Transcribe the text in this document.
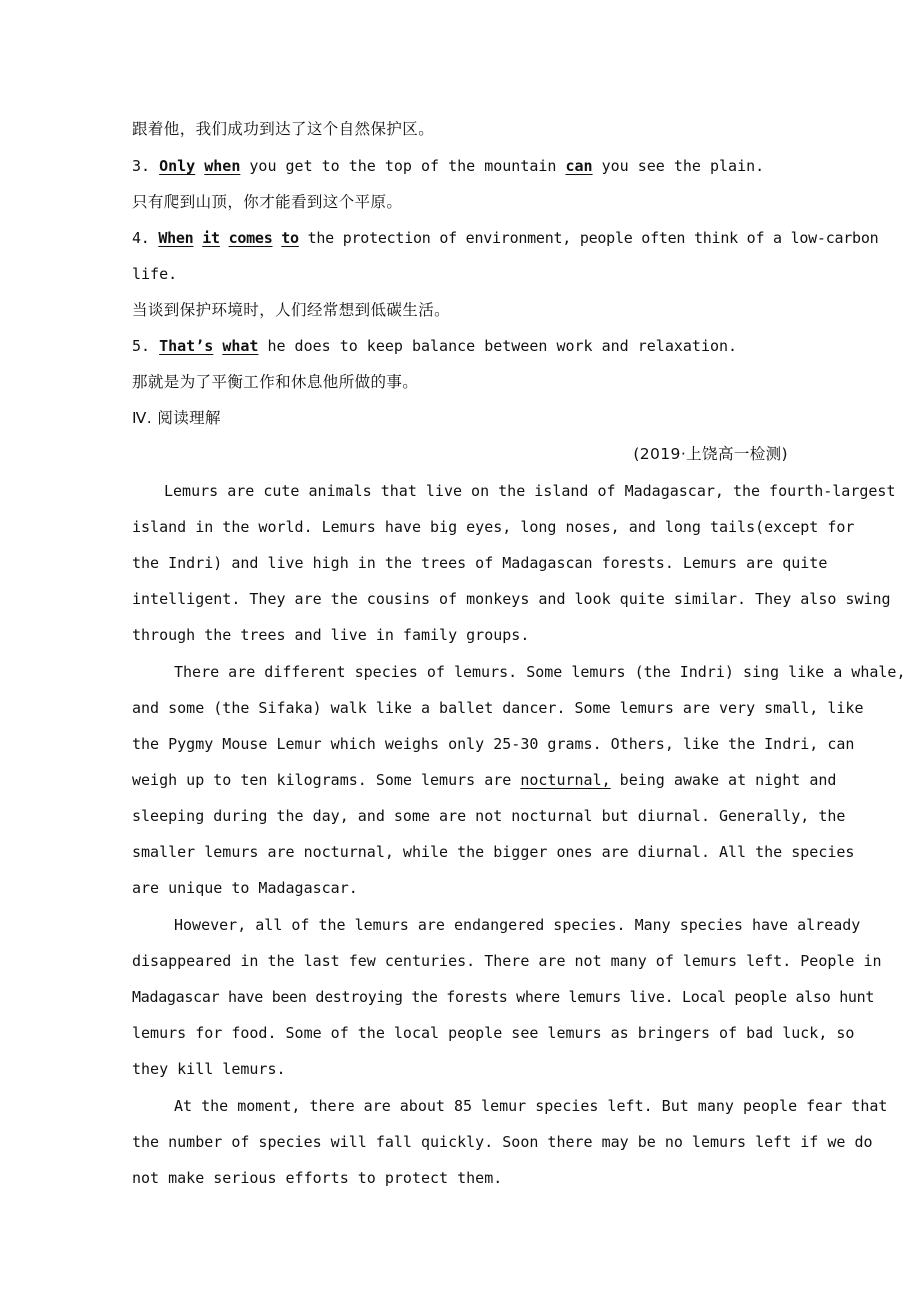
跟着他，我们成功到达了这个自然保护区。
3. Only when you get to the top of the mountain can you see the plain.
只有爬到山顶，你才能看到这个平原。
4. When it comes to the protection of environment, people often think of a low-carbon
life.
当谈到保护环境时，人们经常想到低碳生活。
5. That’s what he does to keep balance between work and relaxation.
那就是为了平衡工作和休息他所做的事。
Ⅳ. 阅读理解
(2019·上饶高一检测)
Lemurs are cute animals that live on the island of Madagascar, the fourth-largest
island in the world. Lemurs have big eyes, long noses, and long tails(except for
the Indri) and live high in the trees of Madagascan forests. Lemurs are quite
intelligent. They are the cousins of monkeys and look quite similar. They also swing
through the trees and live in family groups.
There are different species of lemurs. Some lemurs (the Indri) sing like a whale,
and some (the Sifaka) walk like a ballet dancer. Some lemurs are very small, like
the Pygmy Mouse Lemur which weighs only 25-30 grams. Others, like the Indri, can
weigh up to ten kilograms. Some lemurs are nocturnal, being awake at night and
sleeping during the day, and some are not nocturnal but diurnal. Generally, the
smaller lemurs are nocturnal, while the bigger ones are diurnal. All the species
are unique to Madagascar.
However, all of the lemurs are endangered species. Many species have already
disappeared in the last few centuries. There are not many of lemurs left. People in
Madagascar have been destroying the forests where lemurs live. Local people also hunt
lemurs for food. Some of the local people see lemurs as bringers of bad luck, so
they kill lemurs.
At the moment, there are about 85 lemur species left. But many people fear that
the number of species will fall quickly. Soon there may be no lemurs left if we do
not make serious efforts to protect them.
